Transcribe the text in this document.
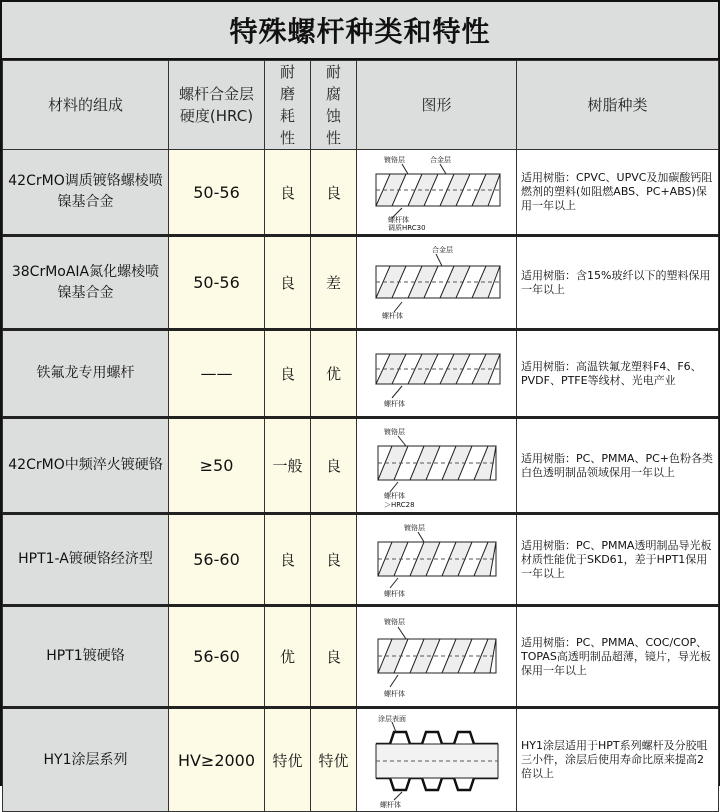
特殊螺杆种类和特性
材料的组成	螺杆合金层硬度(HRC)	耐磨耗性	耐腐蚀性	图形	树脂种类
42CrMO调质镀铬螺棱喷镍基合金	50-56	良	良	镀铬层 合金层
螺杆体
调质HRC30	适用树脂：CPVC、UPVC及加碳酸钙阻燃剂的塑料(如阻燃ABS、PC+ABS)保用一年以上
38CrMoAIA氮化螺棱喷镍基合金	50-56	良	差	合金层
螺杆体	适用树脂：含15%玻纤以下的塑料保用一年以上
铁氟龙专用螺杆	——	良	优	螺杆体	适用树脂：高温铁氟龙塑料F4、F6、PVDF、PTFE等线材、光电产业
42CrMO中频淬火镀硬铬	≥50	一般	良	镀铬层
螺杆体
＞HRC28	适用树脂：PC、PMMA、PC+色粉各类白色透明制品领域保用一年以上
HPT1-A镀硬铬经济型	56-60	良	良	镀铬层
螺杆体	适用树脂：PC、PMMA透明制品导光板材质性能优于SKD61，差于HPT1保用一年以上
HPT1镀硬铬	56-60	优	良	镀铬层
螺杆体	适用树脂：PC、PMMA、COC/COP、TOPAS高透明制品超薄，镜片，导光板保用一年以上
HY1涂层系列	HV≥2000	特优	特优	涂层表面
螺杆体	HY1涂层适用于HPT系列螺杆及分胶咀三小件，涂层后使用寿命比原来提高2倍以上
